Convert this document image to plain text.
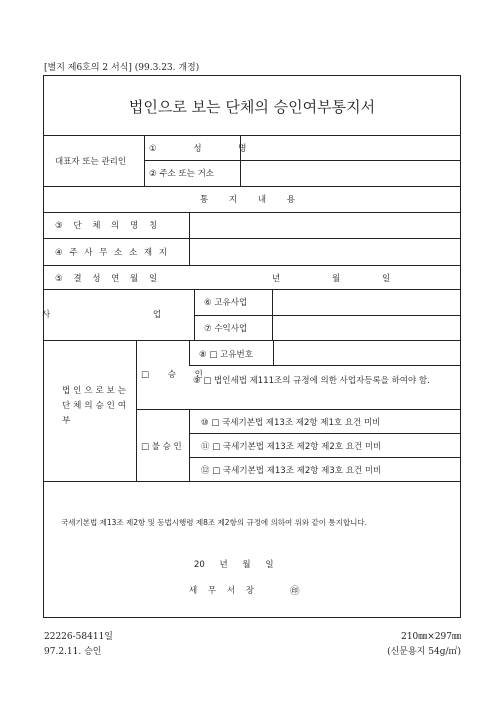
[별지 제6호의 2 서식] (99.3.23. 개정)
법인으로 보는 단체의 승인여부통지서
대표자 또는 관리인
① 성 명
② 주소 또는 거소
통 지 내 용
③ 단 체 의 명 칭
④ 주 사 무 소 소 재 지
⑤ 결 성 연 월 일	년	월	일
사 업
⑥ 고유사업
⑦ 수익사업
법 인 으 로 보 는 단 체 의 승 인 여 부
□ 승 인
⑧ □ 고유번호
⑨ □ 법인세법 제111조의 규정에 의한 사업자등록을 하여야 함.
□ 불 승 인
⑩ □ 국세기본법 제13조 제2항 제1호 요건 미비
⑪ □ 국세기본법 제13조 제2항 제2호 요건 미비
⑫ □ 국세기본법 제13조 제2항 제3호 요건 미비
국세기본법 제13조 제2항 및 동법시행령 제8조 제2항의 규정에 의하여 위와 같이 통지합니다.
20 년 월 일
세 무 서 장	㊞
22226-58411일
97.2.11. 승인
210㎜×297㎜
(신문용지 54g/㎡)
